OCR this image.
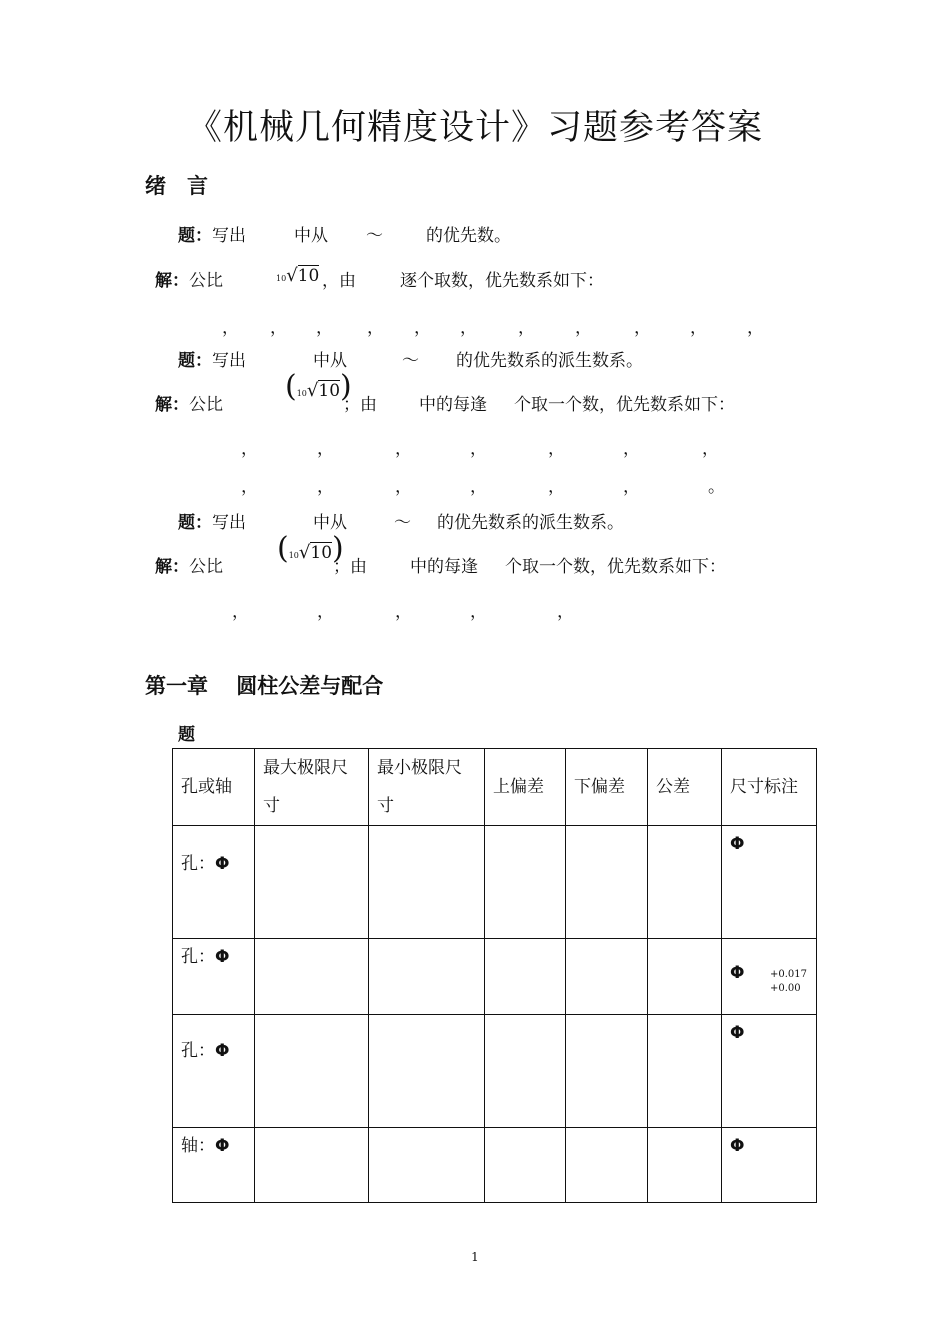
《机械几何精度设计》习题参考答案
绪　言
题：写出	中从 ～	的优先数。
解：公比	10√10 ，由	逐个取数，优先数系如下：
， ， ， ， ， ， ， ， ， ， ，
题：写出	中从	～ 的优先数系的派生数系。
解：公比
(10√10)
；由 中的每逢 个取一个数，优先数系如下：
，	，	，	，	，	，	，
，	，	，	，	，	，	。
题：写出	中从	～ 的优先数系的派生数系。
解：公比
(10√10)
；由	中的每逢 个取一个数，优先数系如下：
，	，	，	，	，
第一章　 圆柱公差与配合
题
孔或轴	最大极限尺寸	最小极限尺寸	上偏差	下偏差	公差	尺寸标注
孔：Φ						Φ
孔：Φ						Φ +0.017
+0.00

孔：Φ						Φ
轴：Φ						Φ
1
